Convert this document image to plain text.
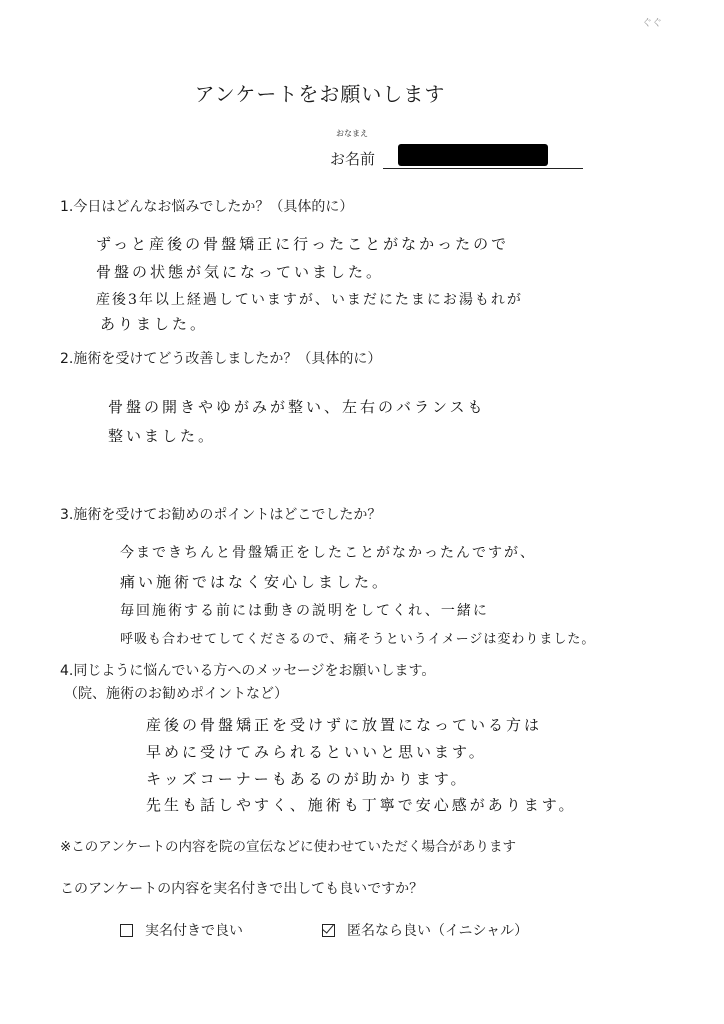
ぐぐ
アンケートをお願いします
おなまえ
お名前
1.今日はどんなお悩みでしたか？（具体的に）
ずっと産後の骨盤矯正に行ったことがなかったので
骨盤の状態が気になっていました。
産後3年以上経過していますが、いまだにたまにお湯もれが
ありました。
2.施術を受けてどう改善しましたか？（具体的に）
骨盤の開きやゆがみが整い、左右のバランスも
整いました。
3.施術を受けてお勧めのポイントはどこでしたか？
今まできちんと骨盤矯正をしたことがなかったんですが、
痛い施術ではなく安心しました。
毎回施術する前には動きの説明をしてくれ、一緒に
呼吸も合わせてしてくださるので、痛そうというイメージは変わりました。
4.同じように悩んでいる方へのメッセージをお願いします。
（院、施術のお勧めポイントなど）
産後の骨盤矯正を受けずに放置になっている方は
早めに受けてみられるといいと思います。
キッズコーナーもあるのが助かります。
先生も話しやすく、施術も丁寧で安心感があります。
※このアンケートの内容を院の宣伝などに使わせていただく場合があります
このアンケートの内容を実名付きで出しても良いですか？
実名付きで良い	匿名なら良い（イニシャル）
